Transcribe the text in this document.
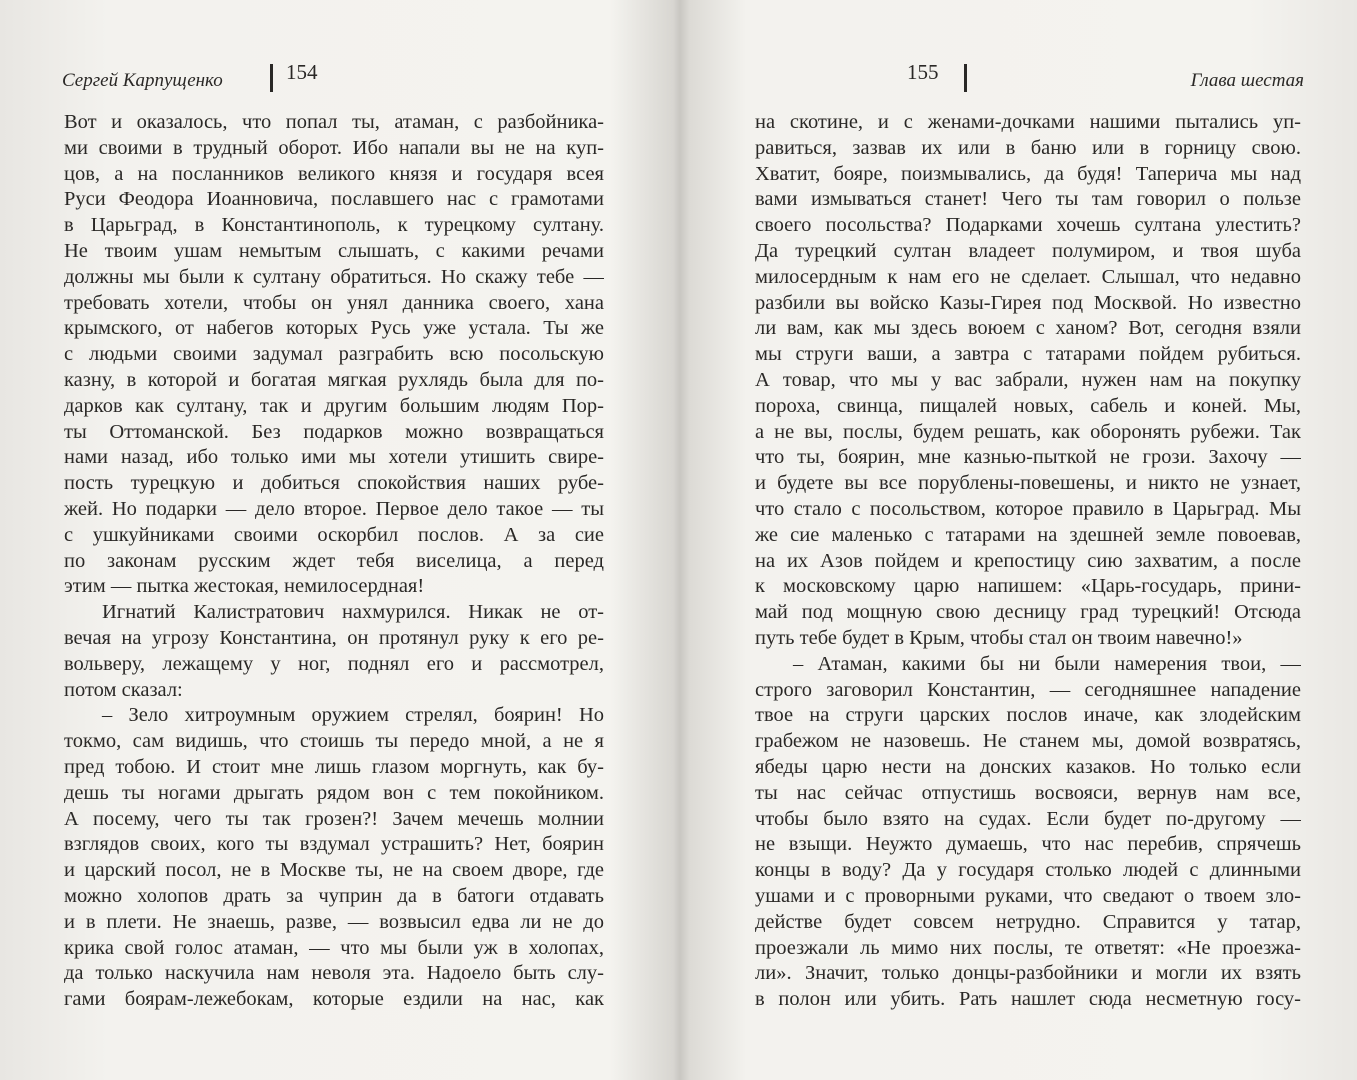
Сергей Карпущенко	154
Вот и оказалось, что попал ты, атаман, с разбойника-
ми своими в трудный оборот. Ибо напали вы не на куп-
цов, а на посланников великого князя и государя всея
Руси Феодора Иоанновича, пославшего нас с грамотами
в Царьград, в Константинополь, к турецкому султану.
Не твоим ушам немытым слышать, с какими речами
должны мы были к султану обратиться. Но скажу тебе —
требовать хотели, чтобы он унял данника своего, хана
крымского, от набегов которых Русь уже устала. Ты же
с людьми своими задумал разграбить всю посольскую
казну, в которой и богатая мягкая рухлядь была для по-
дарков как султану, так и другим большим людям Пор-
ты Оттоманской. Без подарков можно возвращаться
нами назад, ибо только ими мы хотели утишить свире-
пость турецкую и добиться спокойствия наших рубе-
жей. Но подарки — дело второе. Первое дело такое — ты
с ушкуйниками своими оскорбил послов. А за сие
по законам русским ждет тебя виселица, а перед
этим — пытка жестокая, немилосердная!
Игнатий Калистратович нахмурился. Никак не от-
вечая на угрозу Константина, он протянул руку к его ре-
вольверу, лежащему у ног, поднял его и рассмотрел,
потом сказал:
– Зело хитроумным оружием стрелял, боярин! Но
токмо, сам видишь, что стоишь ты передо мной, а не я
пред тобою. И стоит мне лишь глазом моргнуть, как бу-
дешь ты ногами дрыгать рядом вон с тем покойником.
А посему, чего ты так грозен?! Зачем мечешь молнии
взглядов своих, кого ты вздумал устрашить? Нет, боярин
и царский посол, не в Москве ты, не на своем дворе, где
можно холопов драть за чуприн да в батоги отдавать
и в плети. Не знаешь, разве, — возвысил едва ли не до
крика свой голос атаман, — что мы были уж в холопах,
да только наскучила нам неволя эта. Надоело быть слу-
гами боярам-лежебокам, которые ездили на нас, как
155	Глава шестая
на скотине, и с женами-дочками нашими пытались уп-
равиться, зазвав их или в баню или в горницу свою.
Хватит, бояре, поизмывались, да будя! Таперича мы над
вами измываться станет! Чего ты там говорил о пользе
своего посольства? Подарками хочешь султана улестить?
Да турецкий султан владеет полумиром, и твоя шуба
милосердным к нам его не сделает. Слышал, что недавно
разбили вы войско Казы-Гирея под Москвой. Но известно
ли вам, как мы здесь воюем с ханом? Вот, сегодня взяли
мы струги ваши, а завтра с татарами пойдем рубиться.
А товар, что мы у вас забрали, нужен нам на покупку
пороха, свинца, пищалей новых, сабель и коней. Мы,
а не вы, послы, будем решать, как оборонять рубежи. Так
что ты, боярин, мне казнью-пыткой не грози. Захочу —
и будете вы все порублены-повешены, и никто не узнает,
что стало с посольством, которое правило в Царьград. Мы
же сие маленько с татарами на здешней земле повоевав,
на их Азов пойдем и крепостицу сию захватим, а после
к московскому царю напишем: «Царь-государь, прини-
май под мощную свою десницу град турецкий! Отсюда
путь тебе будет в Крым, чтобы стал он твоим навечно!»
– Атаман, какими бы ни были намерения твои, —
строго заговорил Константин, — сегодняшнее нападение
твое на струги царских послов иначе, как злодейским
грабежом не назовешь. Не станем мы, домой возвратясь,
ябеды царю нести на донских казаков. Но только если
ты нас сейчас отпустишь восвояси, вернув нам все,
чтобы было взято на судах. Если будет по-другому —
не взыщи. Неужто думаешь, что нас перебив, спрячешь
концы в воду? Да у государя столько людей с длинными
ушами и с проворными руками, что сведают о твоем зло-
действе будет совсем нетрудно. Справится у татар,
проезжали ль мимо них послы, те ответят: «Не проезжа-
ли». Значит, только донцы-разбойники и могли их взять
в полон или убить. Рать нашлет сюда несметную госу-
